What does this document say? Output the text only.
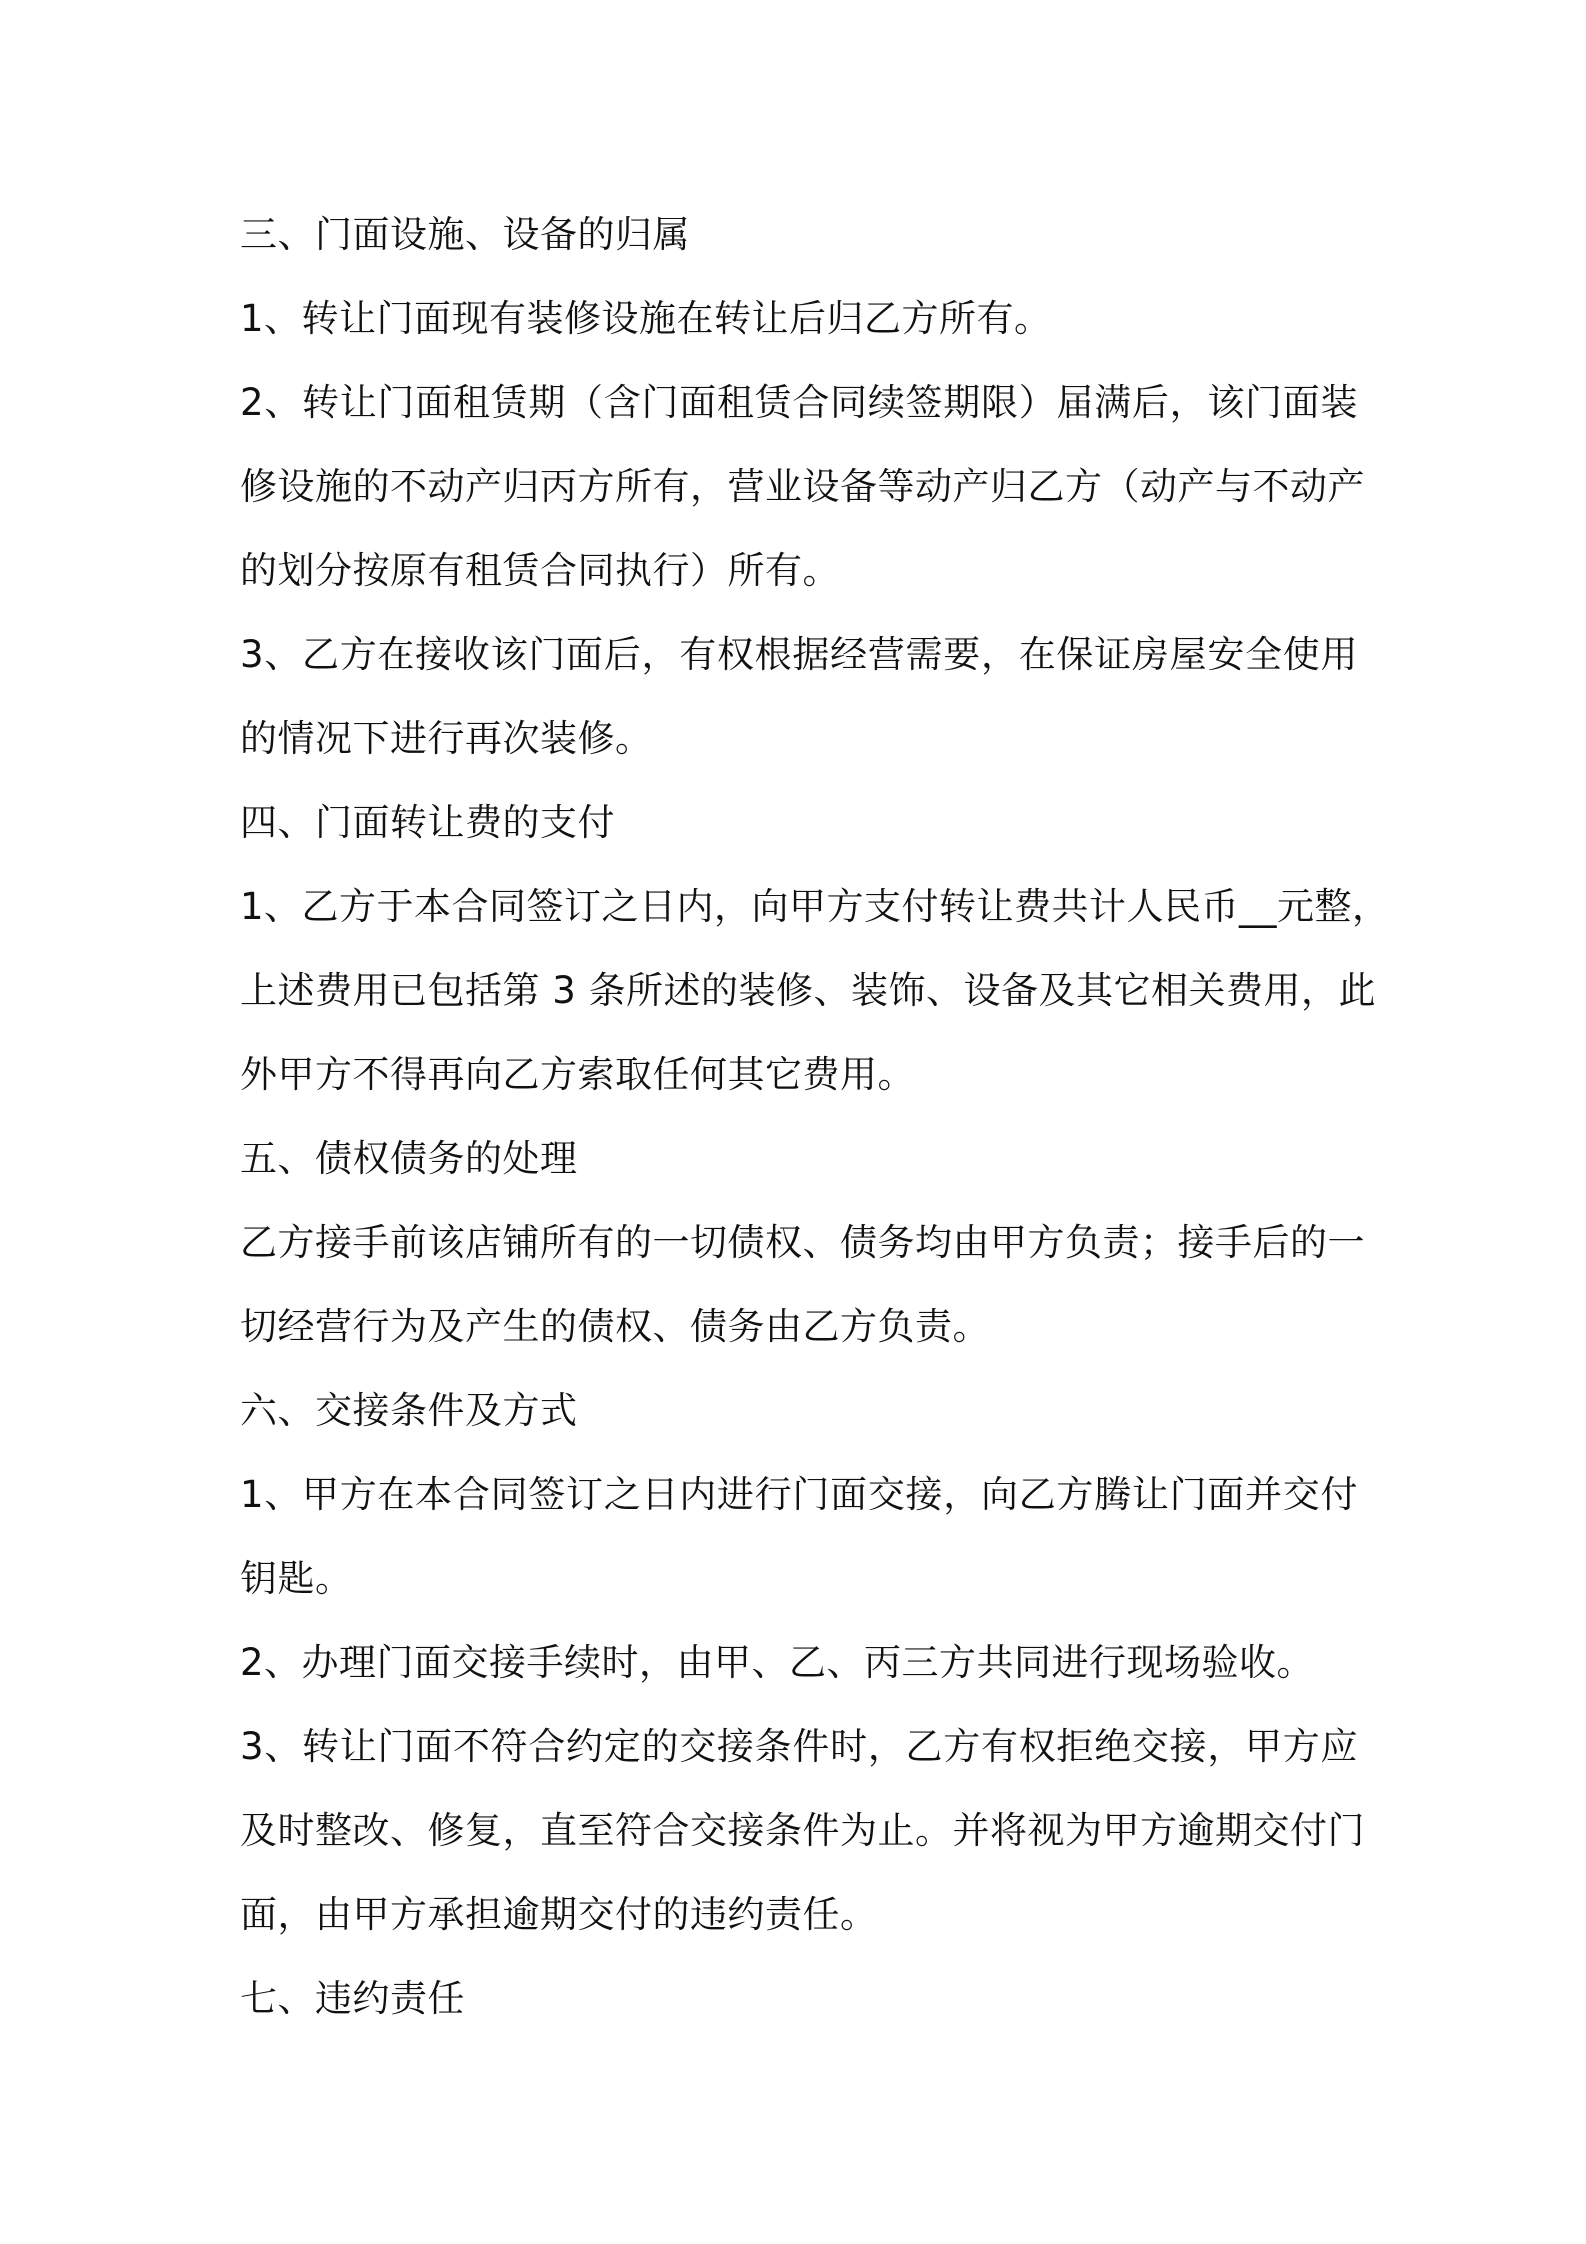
三、门面设施、设备的归属
1、转让门面现有装修设施在转让后归乙方所有。
2、转让门面租赁期（含门面租赁合同续签期限）届满后，该门面装
修设施的不动产归丙方所有，营业设备等动产归乙方（动产与不动产
的划分按原有租赁合同执行）所有。
3、乙方在接收该门面后，有权根据经营需要，在保证房屋安全使用
的情况下进行再次装修。
四、门面转让费的支付
1、乙方于本合同签订之日内，向甲方支付转让费共计人民币__元整，
上述费用已包括第 3 条所述的装修、装饰、设备及其它相关费用，此
外甲方不得再向乙方索取任何其它费用。
五、债权债务的处理
乙方接手前该店铺所有的一切债权、债务均由甲方负责；接手后的一
切经营行为及产生的债权、债务由乙方负责。
六、交接条件及方式
1、甲方在本合同签订之日内进行门面交接，向乙方腾让门面并交付
钥匙。
2、办理门面交接手续时，由甲、乙、丙三方共同进行现场验收。
3、转让门面不符合约定的交接条件时，乙方有权拒绝交接，甲方应
及时整改、修复，直至符合交接条件为止。并将视为甲方逾期交付门
面，由甲方承担逾期交付的违约责任。
七、违约责任
